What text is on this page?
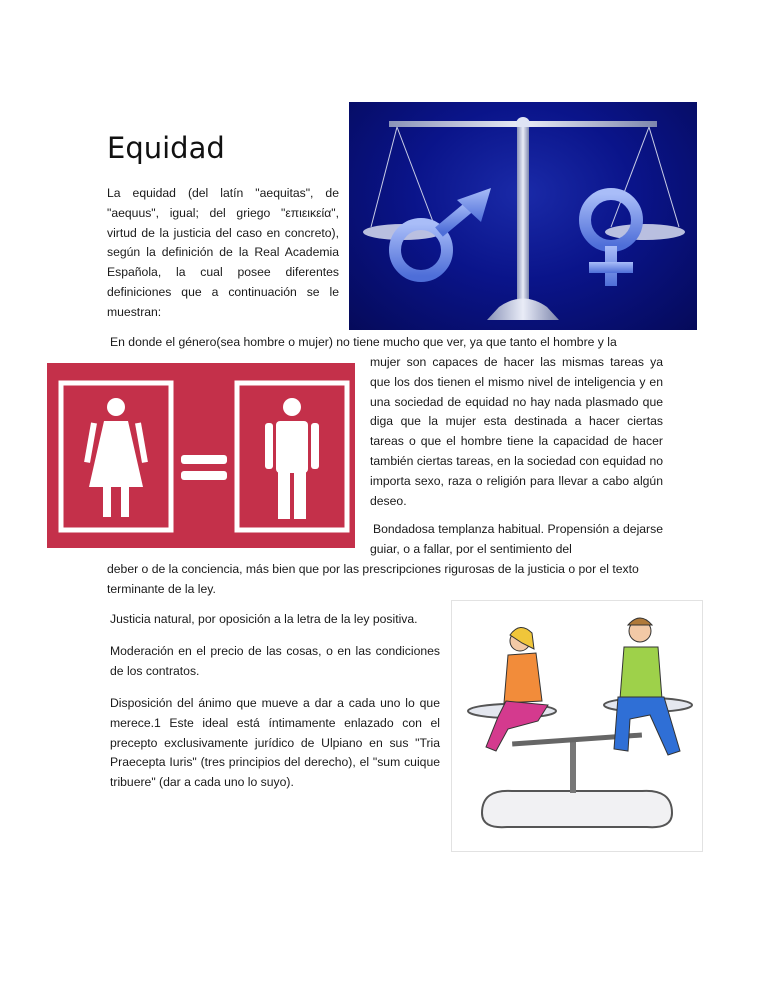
Equidad

La equidad (del latín "aequitas", de "aequus", igual; del griego "επιεικεία", virtud de la justicia del caso en concreto), según la definición de la Real Academia Española, la cual posee diferentes definiciones que a continuación se le muestran:

En donde el género(sea hombre o mujer) no tiene mucho que ver, ya que tanto el hombre y la

mujer son capaces de hacer las mismas tareas ya que los dos tienen el mismo nivel de inteligencia y en una sociedad de equidad no hay nada plasmado que diga que la mujer esta destinada a hacer ciertas tareas o que el hombre tiene la capacidad de hacer también ciertas tareas, en la sociedad con equidad no importa sexo, raza o religión para llevar a cabo algún deseo.

Bondadosa templanza habitual. Propensión a dejarse guiar, o a fallar, por el sentimiento del

deber o de la conciencia, más bien que por las prescripciones rigurosas de la justicia o por el texto terminante de la ley.

Justicia natural, por oposición a la letra de la ley positiva.

Moderación en el precio de las cosas, o en las condiciones de los contratos.

Disposición del ánimo que mueve a dar a cada uno lo que merece.1 Este ideal está íntimamente enlazado con el precepto exclusivamente jurídico de Ulpiano en sus "Tria Praecepta Iuris" (tres principios del derecho), el "sum cuique tribuere" (dar a cada uno lo suyo).
